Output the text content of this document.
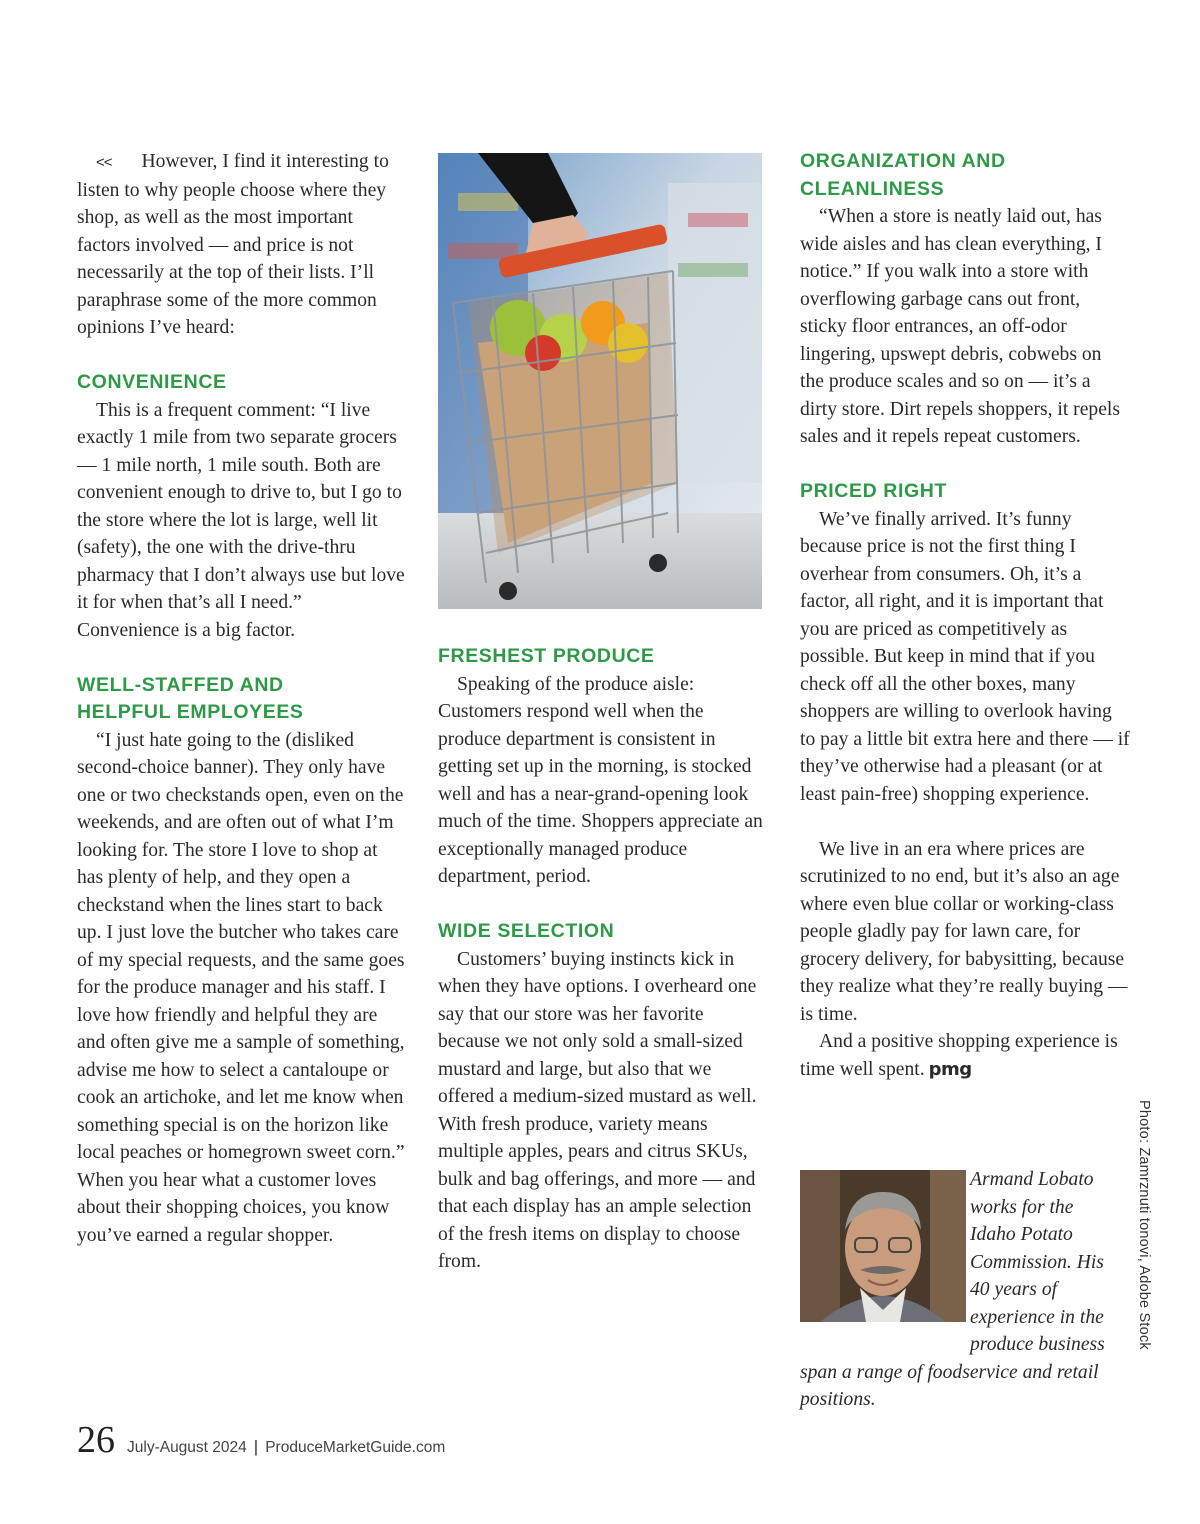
<< However, I find it interesting to listen to why people choose where they shop, as well as the most important factors involved — and price is not necessarily at the top of their lists. I’ll paraphrase some of the more common opinions I’ve heard:

CONVENIENCE

This is a frequent comment: “I live exactly 1 mile from two separate grocers — 1 mile north, 1 mile south. Both are convenient enough to drive to, but I go to the store where the lot is large, well lit (safety), the one with the drive-thru pharmacy that I don’t always use but love it for when that’s all I need.” Convenience is a big factor.

WELL-STAFFED AND
HELPFUL EMPLOYEES

“I just hate going to the (disliked second-choice banner). They only have one or two checkstands open, even on the weekends, and are often out of what I’m looking for. The store I love to shop at has plenty of help, and they open a checkstand when the lines start to back up. I just love the butcher who takes care of my special requests, and the same goes for the produce manager and his staff. I love how friendly and helpful they are and often give me a sample of something, advise me how to select a cantaloupe or cook an artichoke, and let me know when something special is on the horizon like local peaches or homegrown sweet corn.” When you hear what a customer loves about their shopping choices, you know you’ve earned a regular shopper.

FRESHEST PRODUCE

Speaking of the produce aisle: Customers respond well when the produce department is consistent in getting set up in the morning, is stocked well and has a near-grand-opening look much of the time. Shoppers appreciate an exceptionally managed produce department, period.

WIDE SELECTION

Customers’ buying instincts kick in when they have options. I overheard one say that our store was her favorite because we not only sold a small-sized mustard and large, but also that we offered a medium-sized mustard as well. With fresh produce, variety means multiple apples, pears and citrus SKUs, bulk and bag offerings, and more — and that each display has an ample selection of the fresh items on display to choose from.

ORGANIZATION AND
CLEANLINESS

“When a store is neatly laid out, has wide aisles and has clean everything, I notice.” If you walk into a store with overflowing garbage cans out front, sticky floor entrances, an off-odor lingering, upswept debris, cobwebs on the produce scales and so on — it’s a dirty store. Dirt repels shoppers, it repels sales and it repels repeat customers.

PRICED RIGHT

We’ve finally arrived. It’s funny because price is not the first thing I overhear from consumers. Oh, it’s a factor, all right, and it is important that you are priced as competitively as possible. But keep in mind that if you check off all the other boxes, many shoppers are willing to overlook having to pay a little bit extra here and there — if they’ve otherwise had a pleasant (or at least pain-free) shopping experience.

We live in an era where prices are scrutinized to no end, but it’s also an age where even blue collar or working-class people gladly pay for lawn care, for grocery delivery, for babysitting, because they realize what they’re really buying — is time.

And a positive shopping experience is time well spent. pmg

Armand Lobato works for the Idaho Potato Commission. His 40 years of experience in the produce business span a range of foodservice and retail positions.

Photo: Zamrznuti tonovi, Adobe Stock
26 July-August 2024 | ProduceMarketGuide.com
